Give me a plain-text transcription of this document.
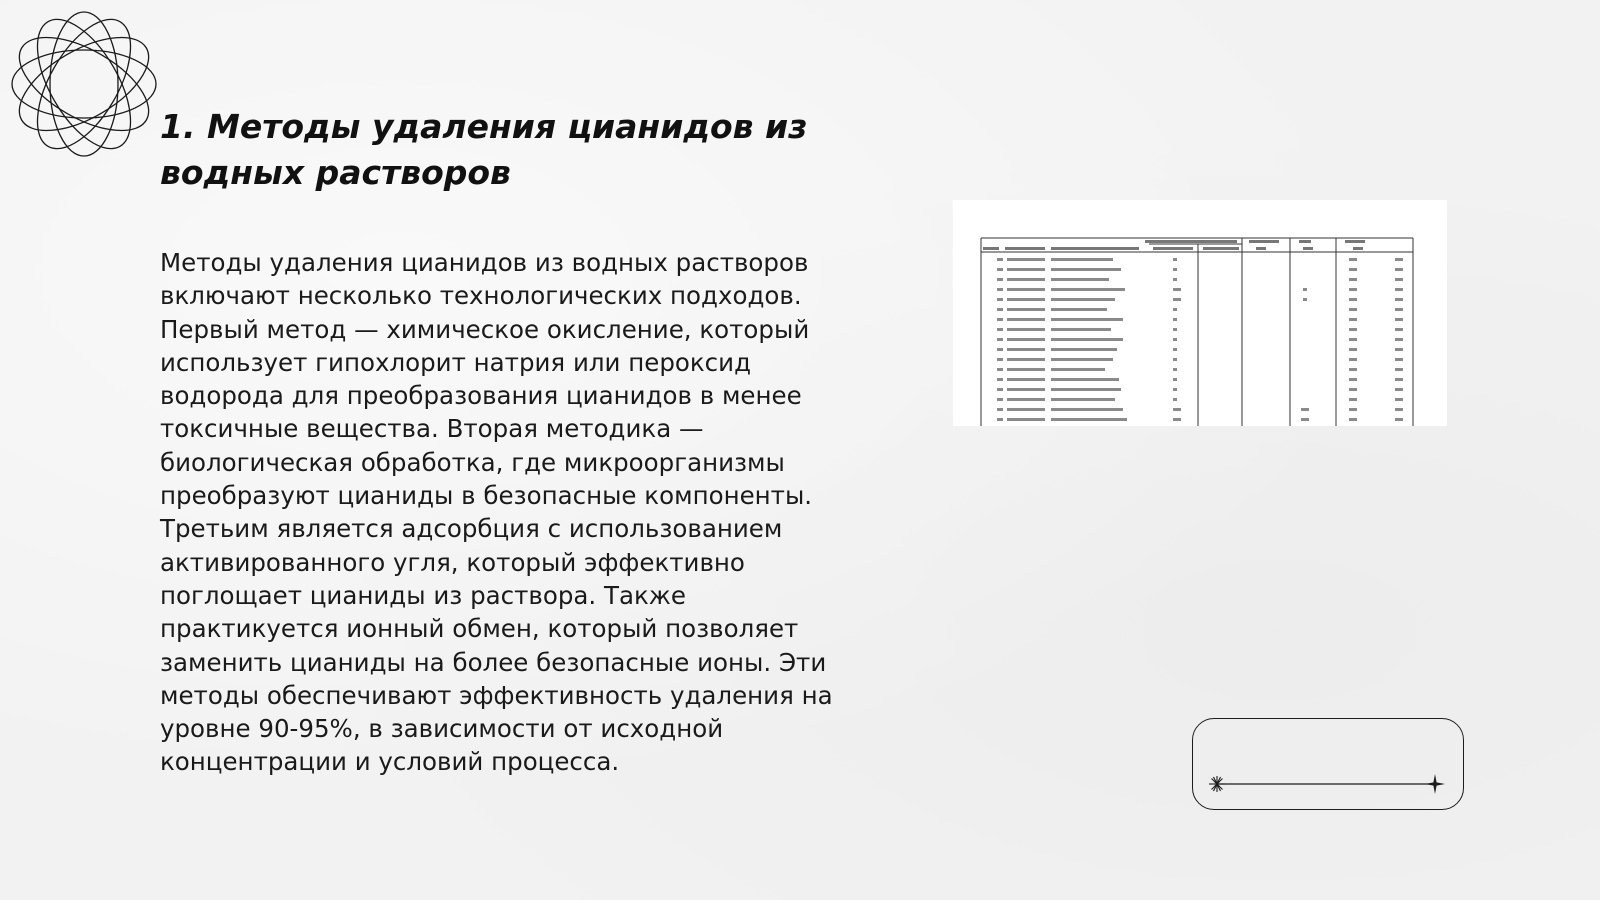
1. Методы удаления цианидов из водных растворов

Методы удаления цианидов из водных растворов включают несколько технологических подходов. Первый метод — химическое окисление, который использует гипохлорит натрия или пероксид водорода для преобразования цианидов в менее токсичные вещества. Вторая методика — биологическая обработка, где микроорганизмы преобразуют цианиды в безопасные компоненты. Третьим является адсорбция с использованием активированного угля, который эффективно поглощает цианиды из раствора. Также практикуется ионный обмен, который позволяет заменить цианиды на более безопасные ионы. Эти методы обеспечивают эффективность удаления на уровне 90-95%, в зависимости от исходной концентрации и условий процесса.
